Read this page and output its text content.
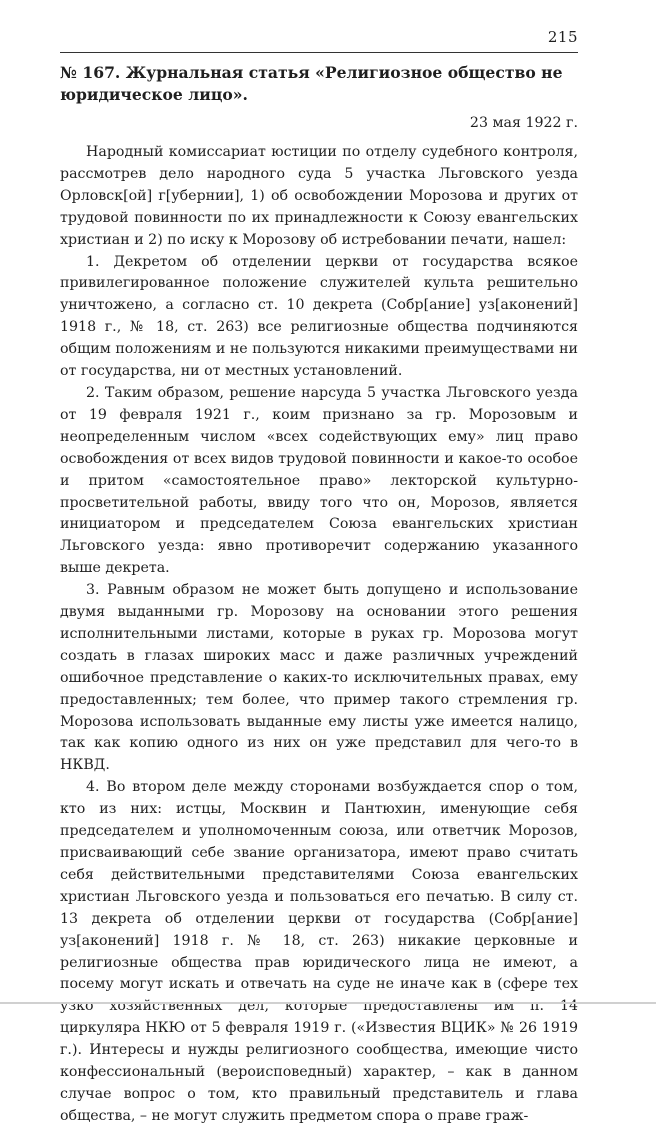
215
№ 167. Журнальная статья «Религиозное общество не юридическое лицо».
23 мая 1922 г.

Народный комиссариат юстиции по отделу судебного контроля, рассмотрев дело народного суда 5 участка Льговского уезда Орловск[ой] г[убернии], 1) об освобождении Морозова и других от трудовой повинности по их принадлежности к Союзу евангельских христиан и 2) по иску к Морозову об истребовании печати, нашел:

1. Декретом об отделении церкви от государства всякое привилегированное положение служителей культа решительно уничтожено, а согласно ст. 10 декрета (Собр[ание] уз[аконений] 1918 г., № 18, ст. 263) все религиозные общества подчиняются общим положениям и не пользуются никакими преимуществами ни от государства, ни от местных установлений.

2. Таким образом, решение нарсуда 5 участка Льговского уезда от 19 февраля 1921 г., коим признано за гр. Морозовым и неопределенным числом «всех содействующих ему» лиц право освобождения от всех видов трудовой повинности и какое-то особое и притом «самостоятельное право» лекторской культурно-просветительной работы, ввиду того что он, Морозов, является инициатором и председателем Союза евангельских христиан Льговского уезда: явно противоречит содержанию указанного выше декрета.

3. Равным образом не может быть допущено и использование двумя выданными гр. Морозову на основании этого решения исполнительными листами, которые в руках гр. Морозова могут создать в глазах широких масс и даже различных учреждений ошибочное представление о каких-то исключительных правах, ему предоставленных; тем более, что пример такого стремления гр. Морозова использовать выданные ему листы уже имеется налицо, так как копию одного из них он уже представил для чего-то в НКВД.

4. Во втором деле между сторонами возбуждается спор о том, кто из них: истцы, Москвин и Пантюхин, именующие себя председателем и уполномоченным союза, или ответчик Морозов, присваивающий себе звание организатора, имеют право считать себя действительными представителями Союза евангельских христиан Льговского уезда и пользоваться его печатью. В силу ст. 13 декрета об отделении церкви от государства (Собр[ание] уз[аконений] 1918 г. № 18, ст. 263) никакие церковные и религиозные общества прав юридического лица не имеют, а посему могут искать и отвечать на суде не иначе как в (сфере тех узко хозяйственных дел, которые предоставлены им п. 14 циркуляра НКЮ от 5 февраля 1919 г. («Известия ВЦИК» № 26 1919 г.). Интересы и нужды религиозного сообщества, имеющие чисто конфессиональный (вероисповедный) характер, – как в данном случае вопрос о том, кто правильный представитель и глава общества, – не могут служить предметом спора о праве граж-
